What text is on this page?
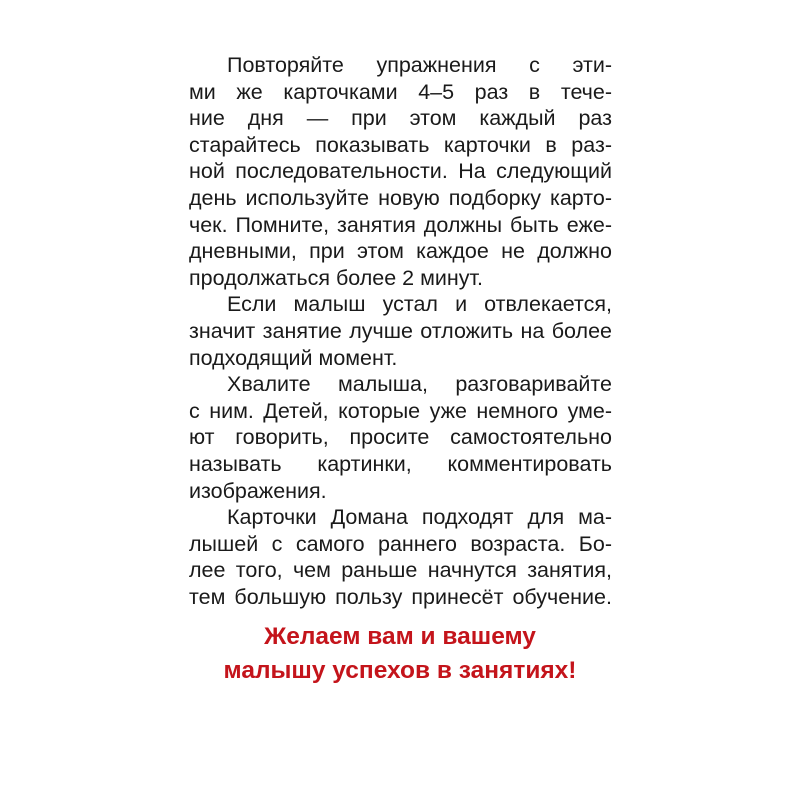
Повторяйте упражнения с эти-
ми же карточками 4–5 раз в тече-
ние дня — при этом каждый раз
старайтесь показывать карточки в раз-
ной последовательности. На следующий
день используйте новую подборку карто-
чек. Помните, занятия должны быть еже-
дневными, при этом каждое не должно
продолжаться более 2 минут.
Если малыш устал и отвлекается,
значит занятие лучше отложить на более
подходящий момент.
Хвалите малыша, разговаривайте
с ним. Детей, которые уже немного уме-
ют говорить, просите самостоятельно
называть картинки, комментировать
изображения.
Карточки Домана подходят для ма-
лышей с самого раннего возраста. Бо-
лее того, чем раньше начнутся занятия,
тем большую пользу принесёт обучение.
Желаем вам и вашему
малышу успехов в занятиях!
